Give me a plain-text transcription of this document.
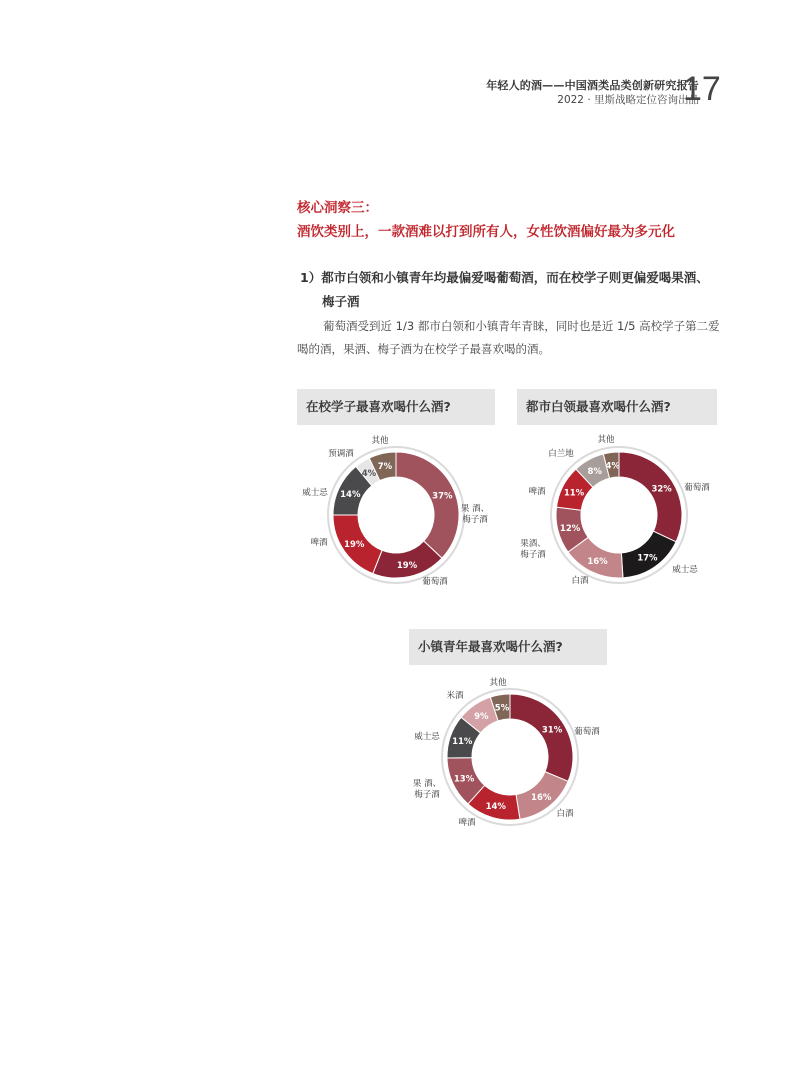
年轻人的酒——中国酒类品类创新研究报告
2022 · 里斯战略定位咨询出品
17
核心洞察三：
酒饮类别上，一款酒难以打到所有人，女性饮酒偏好最为多元化
1）都市白领和小镇青年均最偏爱喝葡萄酒，而在校学子则更偏爱喝果酒、
梅子酒

葡萄酒受到近 1/3 都市白领和小镇青年青睐，同时也是近 1/5 高校学子第二爱喝的酒，果酒、梅子酒为在校学子最喜欢喝的酒。

在校学子最喜欢喝什么酒?
37%
果 酒、梅子酒
19%
葡萄酒
19%
啤酒
14%
威士忌
4%
预调酒
7%
其他
都市白领最喜欢喝什么酒?
32% 葡萄酒
17%
威士忌
16%
白酒
12%
果酒、梅子酒
11%
啤酒
8%
白兰地
4%
其他
小镇青年最喜欢喝什么酒?
31% 葡萄酒
16%
白酒
14%
啤酒
13%
果 酒、梅子酒
11%
威士忌
9%
米酒
5%
其他
